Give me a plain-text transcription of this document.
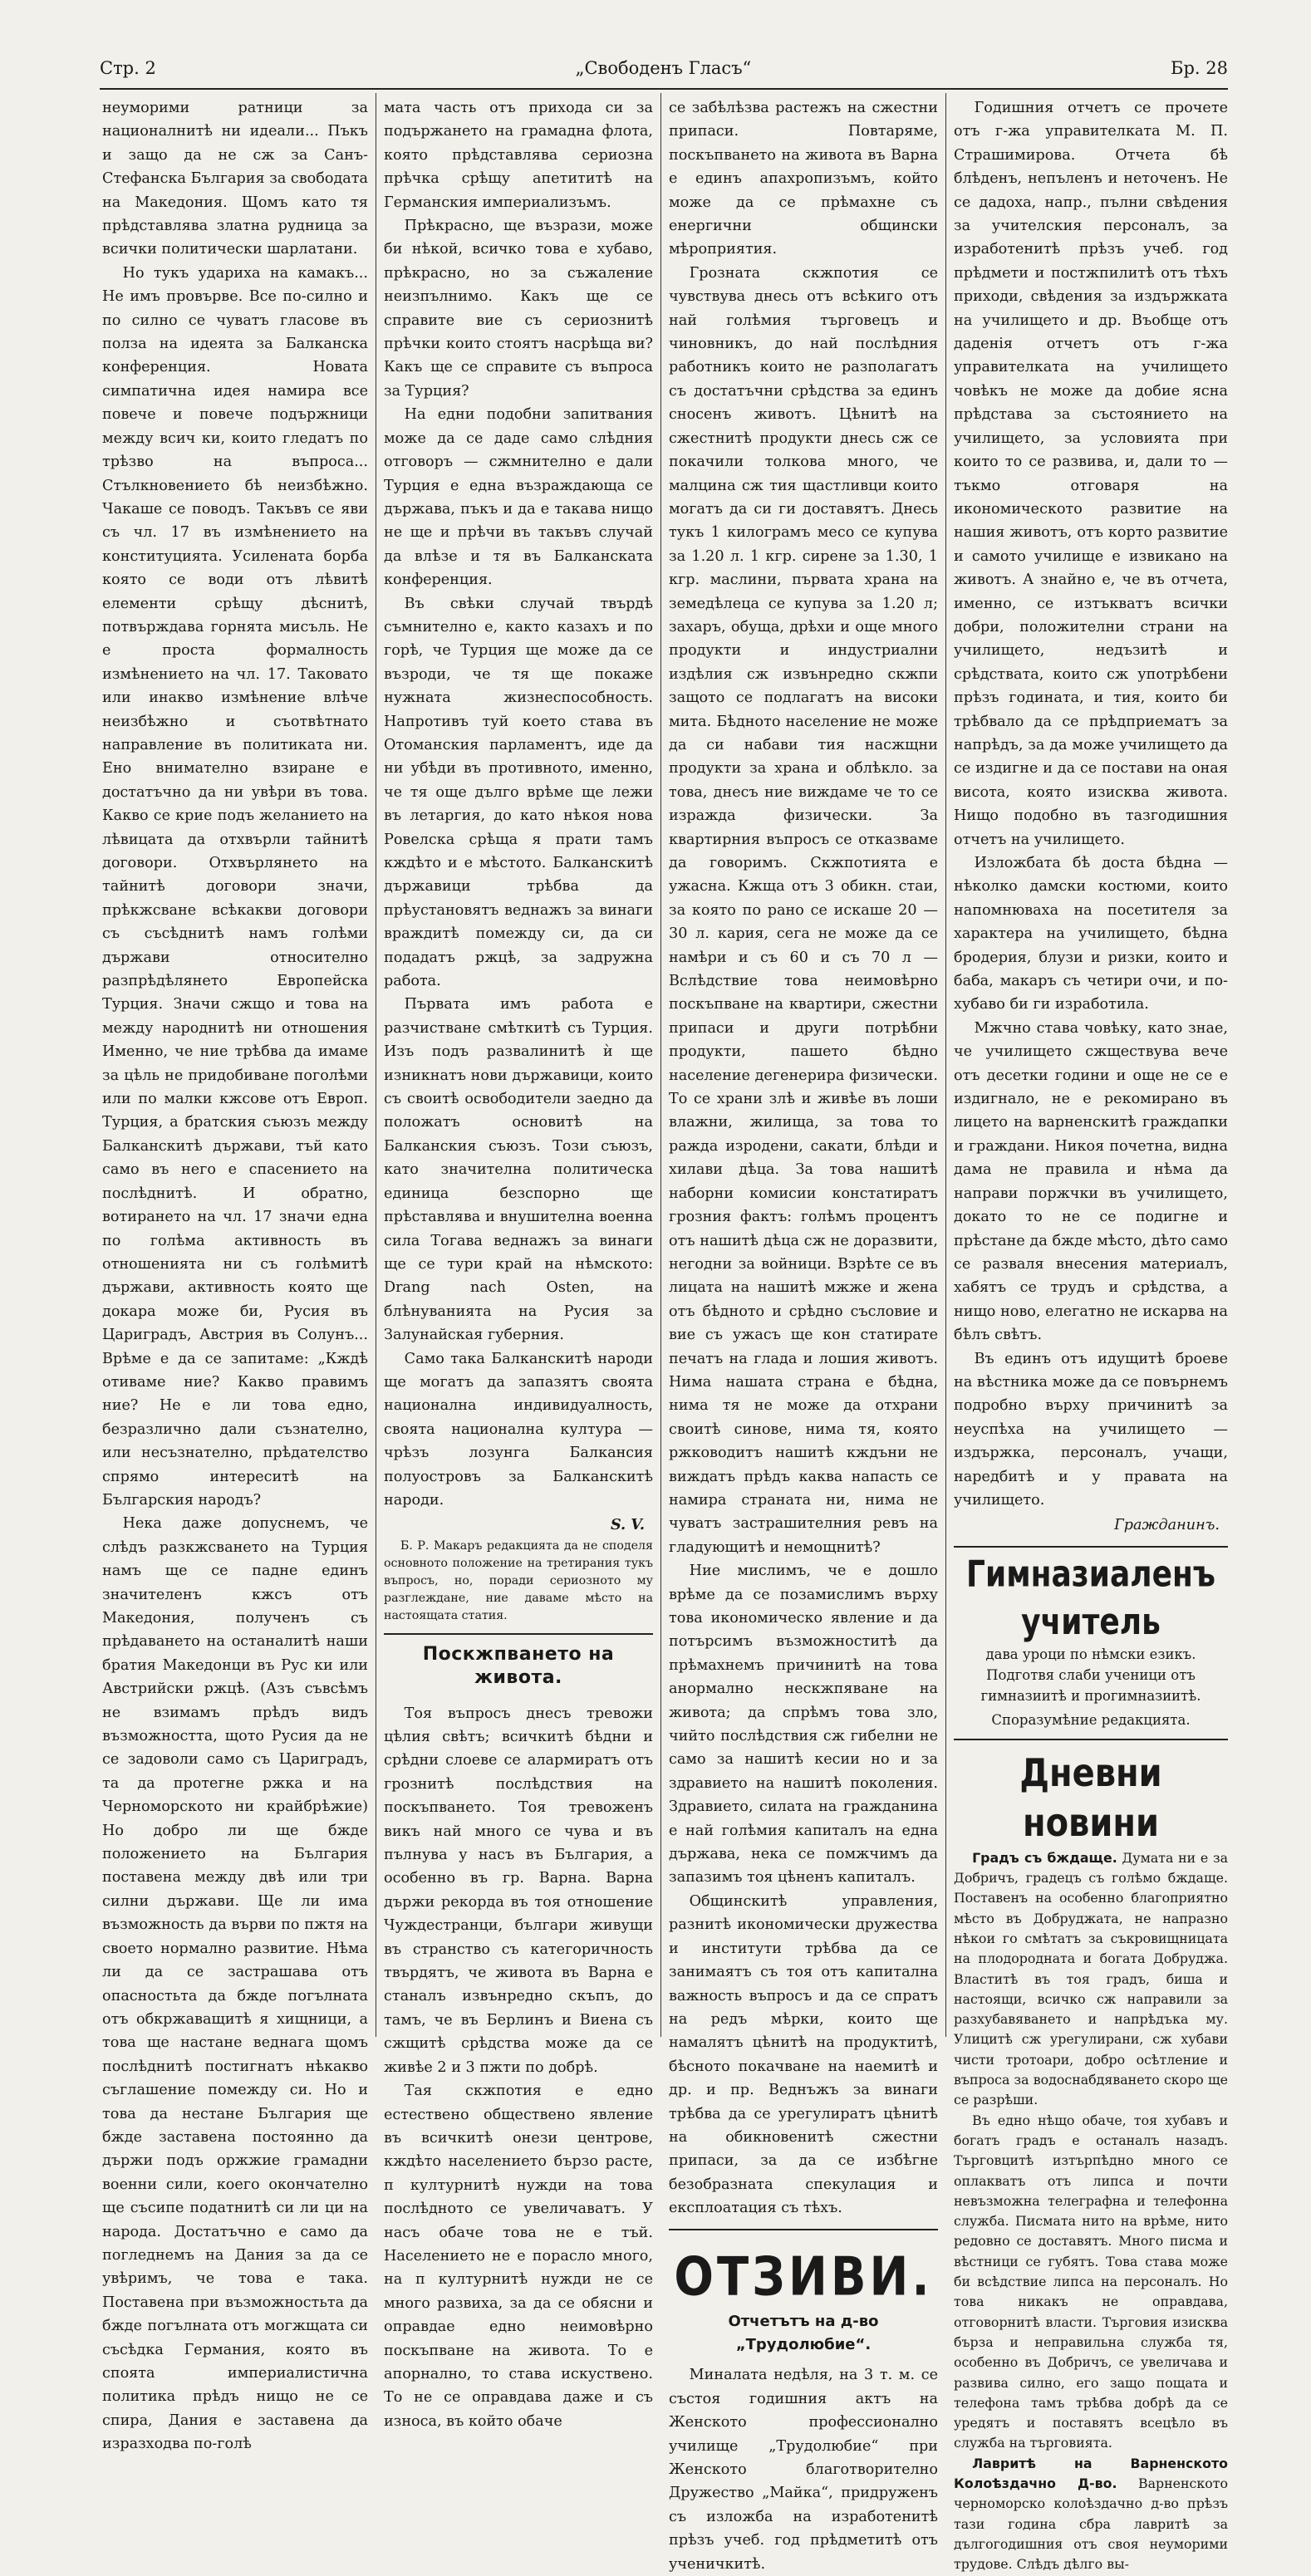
Стр. 2	„Свободенъ Гласъ“	Бр. 28

неуморими ратници за националнитѣ ни идеали... Пъкъ и защо да не сж за Санъ-Стефанска България за свободата на Македония. Щомъ като тя прѣдставлява златна рудница за всички политически шарлатани.

Но тукъ удариха на камакъ... Не имъ провърве. Все по-силно и по силно се чуватъ гласове въ полза на идеята за Балканска конференция. Новата симпатична идея намира все повече и повече подържници между всич ки, които гледатъ по трѣзво на въпроса... Стълкновението бѣ неизбѣжно. Чакаше се поводъ. Такъвъ се яви съ чл. 17 въ измѣнението на конституцията. Усилената борба която се води отъ лѣвитѣ елементи срѣщу дѣснитѣ, потвърждава горнята мисъль. Не е проста формалность измѣнението на чл. 17. Таковато или инакво измѣнение влѣче неизбѣжно и съотвѣтнато направление въ политиката ни. Ено внимателно взиране е достатъчно да ни увѣри въ това. Какво се крие подъ желанието на лѣвицата да отхвърли тайнитѣ договори. Отхвърлянето на тайнитѣ договори значи, прѣкжсване всѣкакви договори съ съсѣднитѣ намъ голѣми държави относително разпрѣдѣлянето Европейска Турция. Значи сжщо и това на между народнитѣ ни отношения Именно, че ние трѣбва да имаме за цѣль не придобиване поголѣми или по малки кжсове отъ Европ. Турция, а братския съюзъ между Балканскитѣ държави, тъй като само въ него е спасението на послѣднитѣ. И обратно, вотирането на чл. 17 значи една по голѣма активность въ отношенията ни съ голѣмитѣ държави, активность която ще докара може би, Русия въ Цариградъ, Австрия въ Солунъ... Врѣме е да се запитаме: „Кждѣ отиваме ние? Какво правимъ ние? Не е ли това едно, безразлично дали съзнателно, или несъзнателно, прѣдателство спрямо интереситѣ на Българския народъ?

Нека даже допуснемъ, че слѣдъ разкжсването на Турция намъ ще се падне единъ значителенъ кжсъ отъ Македония, полученъ съ прѣдаването на останалитѣ наши братия Македонци въ Рус ки или Австрийски ржцѣ. (Азъ съвсѣмъ не взимамъ прѣдъ видъ възможността, щото Русия да не се задоволи само съ Цариградъ, та да протегне ржка и на Черноморското ни крайбрѣжие) Но добро ли ще бжде положението на България поставена между двѣ или три силни държави. Ще ли има възможность да върви по пжтя на своето нормално развитие. Нѣма ли да се застрашава отъ опасностьта да бжде погълната отъ обкржаващитѣ я хищници, а това ще настане веднага щомъ послѣднитѣ постигнатъ нѣкакво съглашение помежду си. Но и това да нестане България ще бжде заставена постоянно да държи подъ оржжие грамадни военни сили, коего окончателно ще съсипе податнитѣ си ли ци на народа. Достатъчно е само да погледнемъ на Дания за да се увѣримъ, че това е така. Поставена при възможностьта да бжде погълната отъ могжщата си съсѣдка Германия, която въ споята империалистична политика прѣдъ нищо не се спира, Дания е заставена да изразходва по-голѣ

мата часть отъ прихода си за подържането на грамадна флота, която прѣдставлява сериозна прѣчка срѣщу апетититѣ на Германския империализъмъ.

Прѣкрасно, ще възрази, може би нѣкой, всичко това е хубаво, прѣкрасно, но за съжаление неизпълнимо. Какъ ще се справите вие съ сериознитѣ прѣчки които стоятъ насрѣща ви? Какъ ще се справите съ въпроса за Турция?

На едни подобни запитвания може да се даде само слѣдния отговоръ — сжмнително е дали Турция е една възраждающа се държава, пъкъ и да е такава нищо не ще и прѣчи въ такъвъ случай да влѣзе и тя въ Балканската конференция.

Въ свѣки случай твърдѣ съмнително е, както казахъ и по горѣ, че Турция ще може да се възроди, че тя ще покаже нужната жизнеспособность. Напротивъ туй което става въ Отоманския парламентъ, иде да ни убѣди въ противното, именно, че тя още дълго врѣме ще лежи въ летаргия, до като нѣкоя нова Ровелска срѣща я прати тамъ кждѣто и е мѣстото. Балканскитѣ държавици трѣбва да прѣустановятъ веднажъ за винаги враждитѣ помежду си, да си подадатъ ржцѣ, за задружна работа.

Първата имъ работа е разчистване смѣткитѣ съ Турция. Изъ подъ развалинитѣ ѝ ще изникнатъ нови държавици, които съ своитѣ освободители заедно да положатъ основитѣ на Балканския съюзъ. Този съюзъ, като значителна политическа единица безспорно ще прѣставлява и внушителна военна сила Тогава веднажъ за винаги ще се тури край на нѣмското: Drang nach Osten, на блѣнуванията на Русия за Залунайская губерния.

Само така Балканскитѣ народи ще могатъ да запазятъ своята национална индивидуалность, своята национална култура — чрѣзъ лозунга Балкансия полуостровъ за Балканскитѣ народи.

S. V.

Б. Р. Макаръ редакцията да не споделя основното положение на третирания тукъ въпросъ, но, поради сериозното му разглеждане, ние даваме мѣсто на настоящата статия.

Поскжпването на живота.

Тоя въпросъ днесъ тревожи цѣлия свѣтъ; всичкитѣ бѣдни и срѣдни слоеве се алармиратъ отъ грознитѣ послѣдствия на поскъпването. Тоя тревоженъ викъ най много се чува и въ пълнува у насъ въ България, а особенно въ гр. Варна. Варна държи рекорда въ тоя отношение Чуждестранци, българи живущи въ странство съ категоричность твърдятъ, че живота въ Варна е станалъ извънредно скъпъ, до тамъ, че въ Берлинъ и Виена съ сжщитѣ срѣдства може да се живѣе 2 и 3 пжти по добрѣ.

Тая скжпотия е едно естествено обществено явление въ всичкитѣ онези центрове, кждѣто населението бързо расте, п културнитѣ нужди на това послѣдното се увеличаватъ. У насъ обаче това не е тъй. Населението не е порасло много, на п културнитѣ нужди не се много развиха, за да се обясни и оправдае едно неимовѣрно поскъпване на живота. То е апорнално, то става искуствено. То не се оправдава даже и съ износа, въ който обаче

се забѣлѣзва растежъ на сжестни припаси. Повтаряме, поскъпването на живота въ Варна е единъ апахропизъмъ, който може да се прѣмахне съ енергични общински мѣроприятия.

Грозната скжпотия се чувствува днесь отъ всѣкиго отъ най голѣмия търговецъ и чиновникъ, до най послѣдния работникъ които не разполагатъ съ достатъчни срѣдства за единъ сносенъ животъ. Цѣнитѣ на сжестнитѣ продукти днесь сж се покачили толкова много, че малцина сж тия щастливци които могатъ да си ги доставятъ. Днесь тукъ 1 килограмъ месо се купува за 1.20 л. 1 кгр. сирене за 1.30, 1 кгр. маслини, първата храна на земедѣлеца се купува за 1.20 л; захаръ, обуща, дрѣхи и още много продукти и индустриални издѣлия сж извънредно скжпи защото се подлагатъ на високи мита. Бѣдното население не може да си набави тия насжщни продукти за храна и облѣкло. за това, днесъ ние виждаме че то се изражда физически. За квартирния въпросъ се отказваме да говоримъ. Скжпотията е ужасна. Кжща отъ 3 обикн. стаи, за която по рано се искаше 20 — 30 л. кария, сега не може да се намѣри и съ 60 и съ 70 л — Вслѣдствие това неимовѣрно поскъпване на квартири, сжестни припаси и други потрѣбни продукти, пашето бѣдно население дегенерира физически. То се храни злѣ и живѣе въ лоши влажни, жилища, за това то ражда изродени, сакати, блѣди и хилави дѣца. За това нашитѣ наборни комисии констатиратъ грозния фактъ: голѣмъ процентъ отъ нашитѣ дѣца сж не доразвити, негодни за войници. Взрѣте се въ лицата на нашитѣ мжже и жена отъ бѣдното и срѣдно съсловие и вие съ ужасъ ще кон статирате печатъ на глада и лошия животъ. Нима нашата страна е бѣдна, нима тя не може да отхрани своитѣ синове, нима тя, която ржководитъ нашитѣ кждъни не виждатъ прѣдъ каква напасть се намира страната ни, нима не чуватъ застрашителния ревъ на гладующитѣ и немощнитѣ?

Ние мислимъ, че е дошло врѣме да се позамислимъ върху това икономическо явление и да потърсимъ възможноститѣ да прѣмахнемъ причинитѣ на това анормално нескжпяване на живота; да спрѣмъ това зло, чийто послѣдствия сж гибелни не само за нашитѣ кесии но и за здравието на нашитѣ поколения. Здравието, силата на гражданина е най голѣмия капиталъ на една държава, нека се помжчимъ да запазимъ тоя цѣненъ капиталъ.

Общинскитѣ управления, разнитѣ икономически дружества и институти трѣбва да се занимаятъ съ тоя отъ капитална важность въпросъ и да се спратъ на редъ мѣрки, които ще намалятъ цѣнитѣ на продуктитѣ, бѣсното покачване на наемитѣ и др. и пр. Веднъжъ за винаги трѣбва да се урегулиратъ цѣнитѣ на обикновенитѣ сжестни припаси, за да се избѣгне безобразната спекулация и експлоатация съ тѣхъ.

ОТЗИВИ.
Отчетътъ на д-во „Трудолюбие“.

Миналата недѣля, на 3 т. м. се състоя годишния актъ на Женското профессионално училище „Трудолюбие“ при Женското благотворително Дружество „Майка“, придруженъ съ изложба на изработенитѣ прѣзъ учеб. год прѣдметитѣ отъ ученичкитѣ.

Годишния отчетъ се прочете отъ г-жа управителката М. П. Страшимирова. Отчета бѣ блѣденъ, непъленъ и неточенъ. Не се дадоха, напр., пълни свѣдения за учителския персоналъ, за изработенитѣ прѣзъ учеб. год прѣдмети и постжпилитѣ отъ тѣхъ приходи, свѣдения за издържката на училището и др. Въобще отъ даденія отчетъ отъ г-жа управителката на училището човѣкъ не може да добие ясна прѣдстава за състоянието на училището, за условията при които то се развива, и, дали то — тъкмо отговаря на икономическото развитие на нашия животъ, отъ корто развитие и самото училище е извикано на животъ. А знайно е, че въ отчета, именно, се изтъкватъ всички добри, положителни страни на училището, недъзитѣ и срѣдствата, които сж употрѣбени прѣзъ годината, и тия, които би трѣбвало да се прѣдприематъ за напрѣдъ, за да може училището да се издигне и да се постави на оная висота, която изисква живота. Нищо подобно въ тазгодишния отчетъ на училището.

Изложбата бѣ доста бѣдна — нѣколко дамски костюми, които напомнюваха на посетителя за характера на училището, бѣдна бродерия, блузи и ризки, които и баба, макаръ съ четири очи, и по-хубаво би ги изработила.

Мжчно става човѣку, като знае, че училището сжществува вече отъ десетки години и още не се е издигнало, не е рекомирано въ лицето на варненскитѣ граждапки и граждани. Никоя почетна, видна дама не правила и нѣма да направи поржчки въ училището, докато то не се подигне и прѣстане да бжде мѣсто, дѣто само се разваля внесения материалъ, хабятъ се трудъ и срѣдства, а нищо ново, елегатно не искарва на бѣлъ свѣтъ.

Въ единъ отъ идущитѣ броеве на вѣстника може да се повърнемъ подробно върху причинитѣ за неуспѣха на училището — издържка, персоналъ, учащи, наредбитѣ и у правата на училището.

Гражданинъ.
Гимназиаленъ учитель
дава уроци по нѣмски езикъ. Подготвя слаби ученици отъ гимназиитѣ и прогимназиитѣ.
Споразумѣние редакцията.
Дневни новини

Градъ съ бждаще. Думата ни е за Добричъ, градецъ съ голѣмо бждаще. Поставенъ на особенно благоприятно мѣсто въ Добруджата, не напразно нѣкои го смѣтатъ за съкровищницата на плодородната и богата Добруджа. Властитѣ въ тоя градъ, биша и настоящи, всичко сж направили за разхубавяването и напрѣдъка му. Улицитѣ сж урегулирани, сж хубави чисти тротоари, добро осѣтление и въпроса за водоснабдяването скоро ще се разрѣши.

Въ едно нѣщо обаче, тоя хубавъ и богатъ градъ е останалъ назадъ. Търговцитѣ изтърпѣдно много се оплакватъ отъ липса и почти невъзможна телеграфна и телефонна служба. Писмата нито на врѣме, нито редовно се доставятъ. Много писма и вѣстници се губятъ. Това става може би всѣдствие липса на персоналъ. Но това никакъ не оправдава, отговорнитѣ власти. Търговия изисква бърза и неправильна служба тя, особенно въ Добричъ, се увеличава и развива силно, его защо пощата и телефона тамъ трѣбва добрѣ да се уредятъ и поставятъ всецѣло въ служба на търговията.

Лавритѣ на Варненското Колоѣздачно Д-во. Варненското черноморско колоѣздачно д-во прѣзъ тази година сбра лавритѣ за дългогодишния отъ своя неуморими трудове. Слѣдъ дѣлго вы-
